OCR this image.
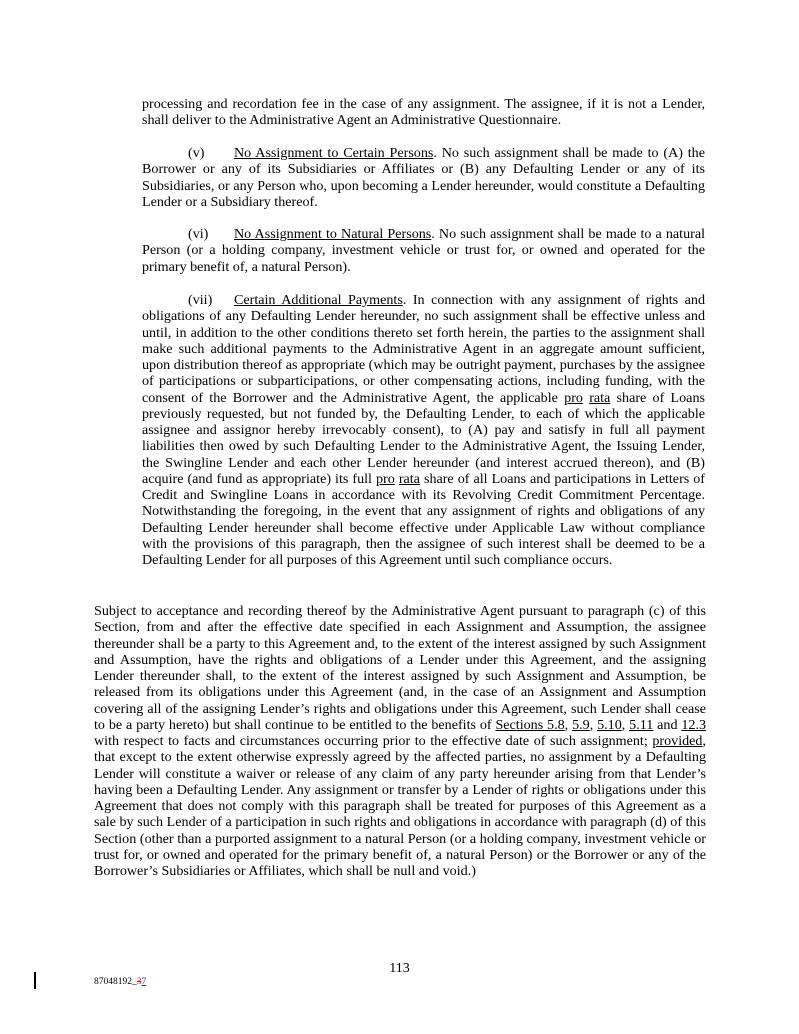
processing and recordation fee in the case of any assignment. The assignee, if it is not a Lender, shall deliver to the Administrative Agent an Administrative Questionnaire.

(v) No Assignment to Certain Persons. No such assignment shall be made to (A) the Borrower or any of its Subsidiaries or Affiliates or (B) any Defaulting Lender or any of its Subsidiaries, or any Person who, upon becoming a Lender hereunder, would constitute a Defaulting Lender or a Subsidiary thereof.

(vi) No Assignment to Natural Persons. No such assignment shall be made to a natural Person (or a holding company, investment vehicle or trust for, or owned and operated for the primary benefit of, a natural Person).

(vii) Certain Additional Payments. In connection with any assignment of rights and obligations of any Defaulting Lender hereunder, no such assignment shall be effective unless and until, in addition to the other conditions thereto set forth herein, the parties to the assignment shall make such additional payments to the Administrative Agent in an aggregate amount sufficient, upon distribution thereof as appropriate (which may be outright payment, purchases by the assignee of participations or subparticipations, or other compensating actions, including funding, with the consent of the Borrower and the Administrative Agent, the applicable pro rata share of Loans previously requested, but not funded by, the Defaulting Lender, to each of which the applicable assignee and assignor hereby irrevocably consent), to (A) pay and satisfy in full all payment liabilities then owed by such Defaulting Lender to the Administrative Agent, the Issuing Lender, the Swingline Lender and each other Lender hereunder (and interest accrued thereon), and (B) acquire (and fund as appropriate) its full pro rata share of all Loans and participations in Letters of Credit and Swingline Loans in accordance with its Revolving Credit Commitment Percentage. Notwithstanding the foregoing, in the event that any assignment of rights and obligations of any Defaulting Lender hereunder shall become effective under Applicable Law without compliance with the provisions of this paragraph, then the assignee of such interest shall be deemed to be a Defaulting Lender for all purposes of this Agreement until such compliance occurs.

Subject to acceptance and recording thereof by the Administrative Agent pursuant to paragraph (c) of this Section, from and after the effective date specified in each Assignment and Assumption, the assignee thereunder shall be a party to this Agreement and, to the extent of the interest assigned by such Assignment and Assumption, have the rights and obligations of a Lender under this Agreement, and the assigning Lender thereunder shall, to the extent of the interest assigned by such Assignment and Assumption, be released from its obligations under this Agreement (and, in the case of an Assignment and Assumption covering all of the assigning Lender’s rights and obligations under this Agreement, such Lender shall cease to be a party hereto) but shall continue to be entitled to the benefits of Sections 5.8, 5.9, 5.10, 5.11 and 12.3 with respect to facts and circumstances occurring prior to the effective date of such assignment; provided, that except to the extent otherwise expressly agreed by the affected parties, no assignment by a Defaulting Lender will constitute a waiver or release of any claim of any party hereunder arising from that Lender’s having been a Defaulting Lender. Any assignment or transfer by a Lender of rights or obligations under this Agreement that does not comply with this paragraph shall be treated for purposes of this Agreement as a sale by such Lender of a participation in such rights and obligations in accordance with paragraph (d) of this Section (other than a purported assignment to a natural Person (or a holding company, investment vehicle or trust for, or owned and operated for the primary benefit of, a natural Person) or the Borrower or any of the Borrower’s Subsidiaries or Affiliates, which shall be null and void.)

113
87048192_37
